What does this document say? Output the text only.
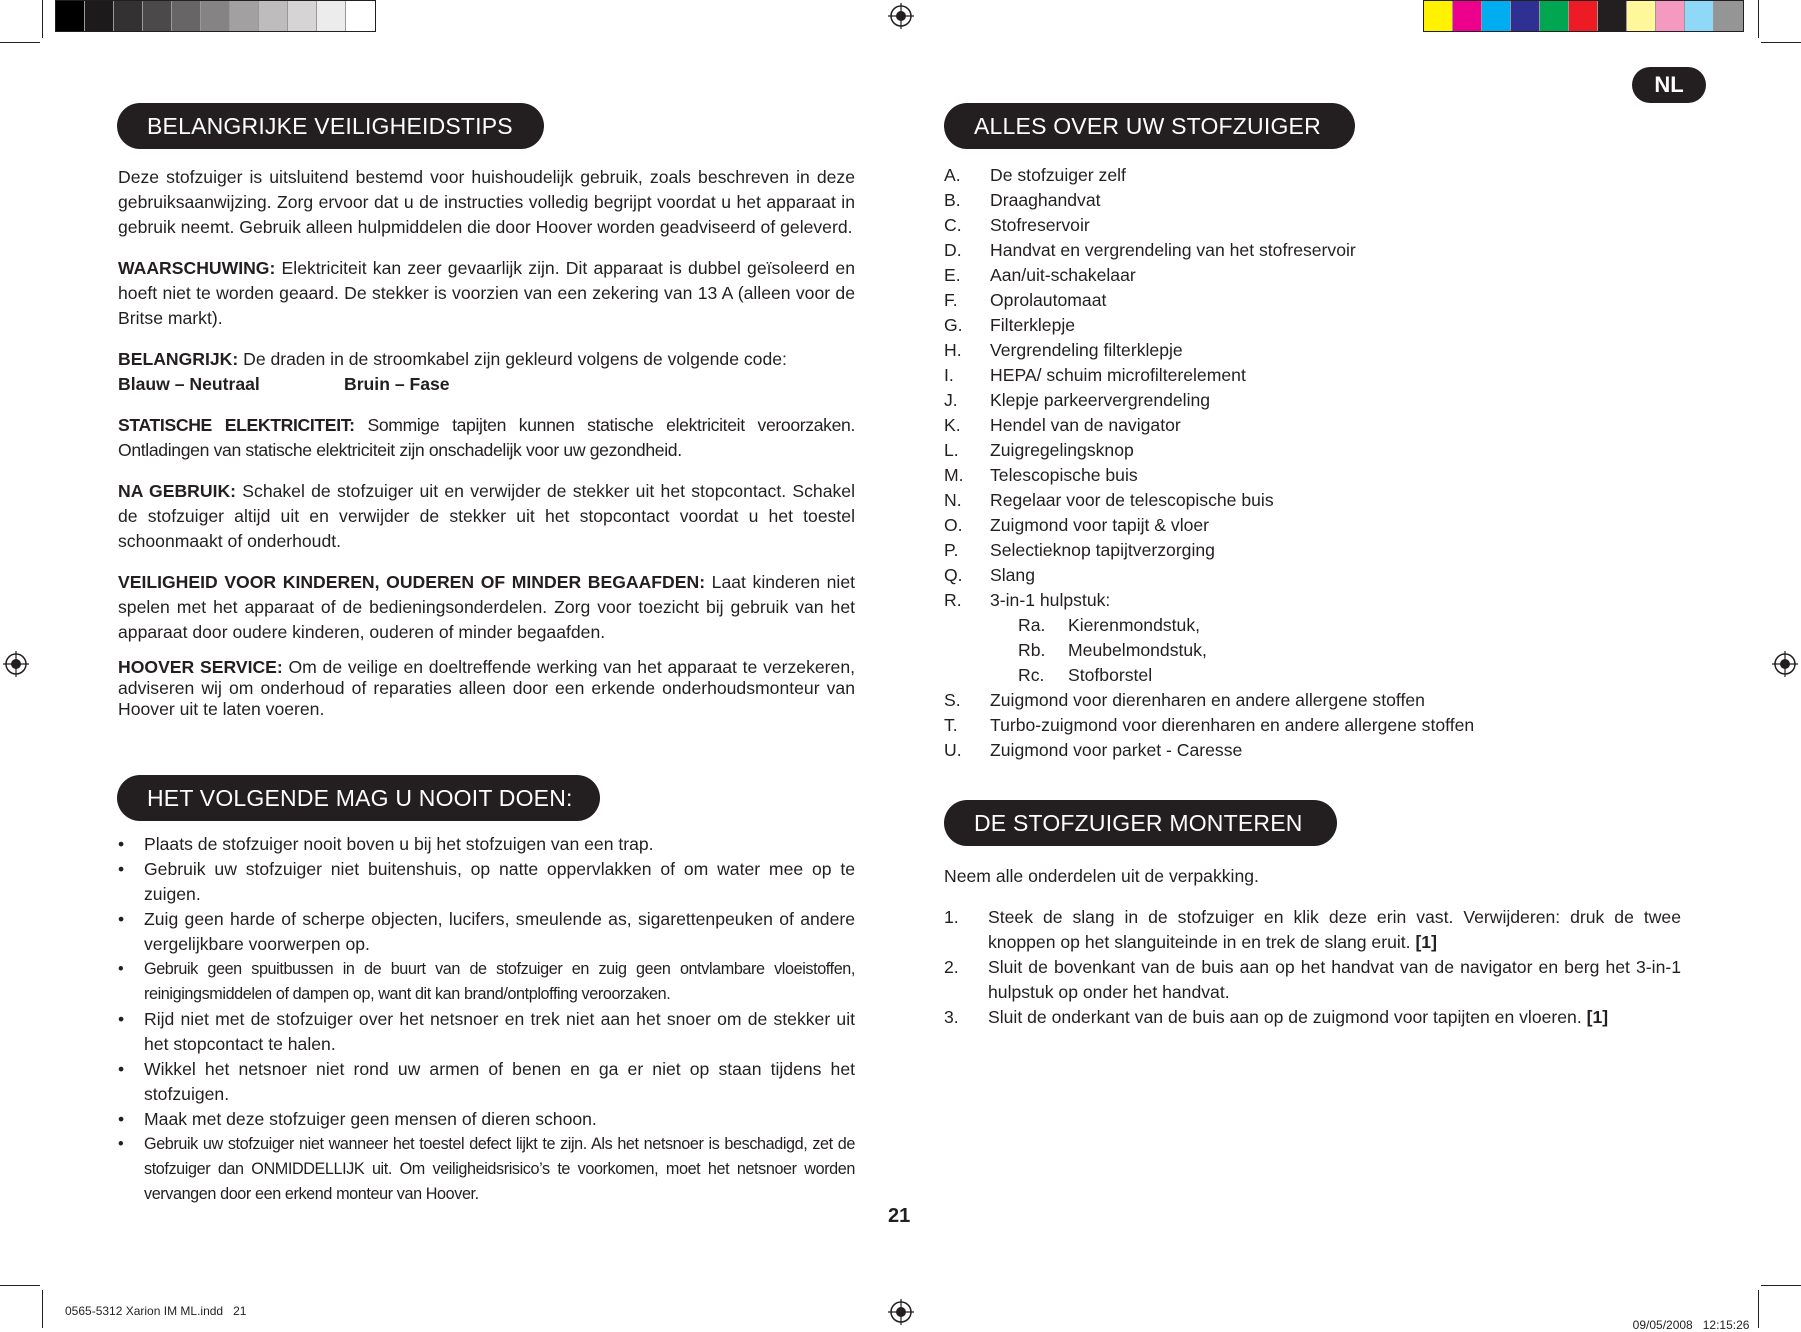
NL
BELANGRIJKE VEILIGHEIDSTIPS

Deze stofzuiger is uitsluitend bestemd voor huishoudelijk gebruik, zoals beschreven in deze gebruiksaanwijzing. Zorg ervoor dat u de instructies volledig begrijpt voordat u het apparaat in gebruik neemt. Gebruik alleen hulpmiddelen die door Hoover worden geadviseerd of geleverd.

WAARSCHUWING: Elektriciteit kan zeer gevaarlijk zijn. Dit apparaat is dubbel geïsoleerd en hoeft niet te worden geaard. De stekker is voorzien van een zekering van 13 A (alleen voor de Britse markt).

BELANGRIJK: De draden in de stroomkabel zijn gekleurd volgens de volgende code:

Blauw – Neutraal	Bruin – Fase

STATISCHE ELEKTRICITEIT: Sommige tapijten kunnen statische elektriciteit veroorzaken. Ontladingen van statische elektriciteit zijn onschadelijk voor uw gezondheid.

NA GEBRUIK: Schakel de stofzuiger uit en verwijder de stekker uit het stopcontact. Schakel de stofzuiger altijd uit en verwijder de stekker uit het stopcontact voordat u het toestel schoonmaakt of onderhoudt.

VEILIGHEID VOOR KINDEREN, OUDEREN OF MINDER BEGAAFDEN: Laat kinderen niet spelen met het apparaat of de bedieningsonderdelen. Zorg voor toezicht bij gebruik van het apparaat door oudere kinderen, ouderen of minder begaafden.

HOOVER SERVICE: Om de veilige en doeltreffende werking van het apparaat te verzekeren, adviseren wij om onderhoud of reparaties alleen door een erkende onderhoudsmonteur van Hoover uit te laten voeren.

HET VOLGENDE MAG U NOOIT DOEN:
• Plaats de stofzuiger nooit boven u bij het stofzuigen van een trap.
• Gebruik uw stofzuiger niet buitenshuis, op natte oppervlakken of om water mee op te zuigen.
• Zuig geen harde of scherpe objecten, lucifers, smeulende as, sigarettenpeuken of andere vergelijkbare voorwerpen op.
• Gebruik geen spuitbussen in de buurt van de stofzuiger en zuig geen ontvlambare vloeistoffen, reinigingsmiddelen of dampen op, want dit kan brand/ontploffing veroorzaken.
• Rijd niet met de stofzuiger over het netsnoer en trek niet aan het snoer om de stekker uit het stopcontact te halen.
• Wikkel het netsnoer niet rond uw armen of benen en ga er niet op staan tijdens het stofzuigen.
• Maak met deze stofzuiger geen mensen of dieren schoon.
• Gebruik uw stofzuiger niet wanneer het toestel defect lijkt te zijn. Als het netsnoer is beschadigd, zet de stofzuiger dan ONMIDDELLIJK uit. Om veiligheidsrisico’s te voorkomen, moet het netsnoer worden vervangen door een erkend monteur van Hoover.
ALLES OVER UW STOFZUIGER
A.	De stofzuiger zelf
B.	Draaghandvat
C.	Stofreservoir
D.	Handvat en vergrendeling van het stofreservoir
E.	Aan/uit-schakelaar
F.	Oprolautomaat
G.	Filterklepje
H.	Vergrendeling filterklepje
I.	HEPA/ schuim microfilterelement
J.	Klepje parkeervergrendeling
K.	Hendel van de navigator
L.	Zuigregelingsknop
M.	Telescopische buis
N.	Regelaar voor de telescopische buis
O.	Zuigmond voor tapijt & vloer
P.	Selectieknop tapijtverzorging
Q.	Slang
R.	3-in-1 hulpstuk:
Ra.	Kierenmondstuk,
Rb.	Meubelmondstuk,
Rc.	Stofborstel
S.	Zuigmond voor dierenharen en andere allergene stoffen
T.	Turbo-zuigmond voor dierenharen en andere allergene stoffen
U.	Zuigmond voor parket - Caresse
DE STOFZUIGER MONTEREN

Neem alle onderdelen uit de verpakking.

1. Steek de slang in de stofzuiger en klik deze erin vast. Verwijderen: druk de twee knoppen op het slanguiteinde in en trek de slang eruit. [1]
2. Sluit de bovenkant van de buis aan op het handvat van de navigator en berg het 3-in-1 hulpstuk op onder het handvat.
3. Sluit de onderkant van de buis aan op de zuigmond voor tapijten en vloeren. [1]
21
0565-5312 Xarion IM ML.indd   21

09/05/2008 12:15:26
